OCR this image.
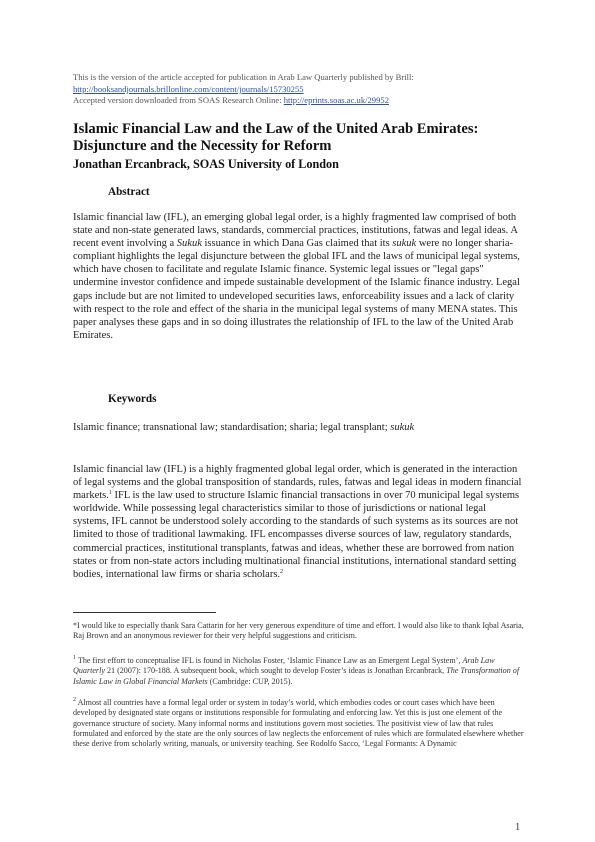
This is the version of the article accepted for publication in Arab Law Quarterly published by Brill:
http://booksandjournals.brillonline.com/content/journals/15730255
Accepted version downloaded from SOAS Research Online: http://eprints.soas.ac.uk/29952
Islamic Financial Law and the Law of the United Arab Emirates: Disjuncture and the Necessity for Reform
Jonathan Ercanbrack, SOAS University of London
Abstract
Islamic financial law (IFL), an emerging global legal order, is a highly fragmented law comprised of both state and non-state generated laws, standards, commercial practices, institutions, fatwas and legal ideas. A recent event involving a Sukuk issuance in which Dana Gas claimed that its sukuk were no longer sharia-compliant highlights the legal disjuncture between the global IFL and the laws of municipal legal systems, which have chosen to facilitate and regulate Islamic finance. Systemic legal issues or "legal gaps" undermine investor confidence and impede sustainable development of the Islamic finance industry. Legal gaps include but are not limited to undeveloped securities laws, enforceability issues and a lack of clarity with respect to the role and effect of the sharia in the municipal legal systems of many MENA states. This paper analyses these gaps and in so doing illustrates the relationship of IFL to the law of the United Arab Emirates.
Keywords
Islamic finance; transnational law; standardisation; sharia; legal transplant; sukuk
Islamic financial law (IFL) is a highly fragmented global legal order, which is generated in the interaction of legal systems and the global transposition of standards, rules, fatwas and legal ideas in modern financial markets.$^1$ IFL is the law used to structure Islamic financial transactions in over 70 municipal legal systems worldwide. While possessing legal characteristics similar to those of jurisdictions or national legal systems, IFL cannot be understood solely according to the standards of such systems as its sources are not limited to those of traditional lawmaking. IFL encompasses diverse sources of law, regulatory standards, commercial practices, institutional transplants, fatwas and ideas, whether these are borrowed from nation states or from non-state actors including multinational financial institutions, international standard setting bodies, international law firms or sharia scholars.$^2$
*I would like to especially thank Sara Cattarin for her very generous expenditure of time and effort. I would also like to thank Iqbal Asaria, Raj Brown and an anonymous reviewer for their very helpful suggestions and criticism.
$^1$ The first effort to conceptualise IFL is found in Nicholas Foster, ‘Islamic Finance Law as an Emergent Legal System’, Arab Law Quarterly 21 (2007): 170-188. A subsequent book, which sought to develop Foster’s ideas is Jonathan Ercanbrack, The Transformation of Islamic Law in Global Financial Markets (Cambridge: CUP, 2015).
$^2$ Almost all countries have a formal legal order or system in today’s world, which embodies codes or court cases which have been developed by designated state organs or institutions responsible for formulating and enforcing law. Yet this is just one element of the governance structure of society. Many informal norms and institutions govern most societies. The positivist view of law that rules formulated and enforced by the state are the only sources of law neglects the enforcement of rules which are formulated elsewhere whether these derive from scholarly writing, manuals, or university teaching. See Rodolfo Sacco, ‘Legal Formants: A Dynamic
1
